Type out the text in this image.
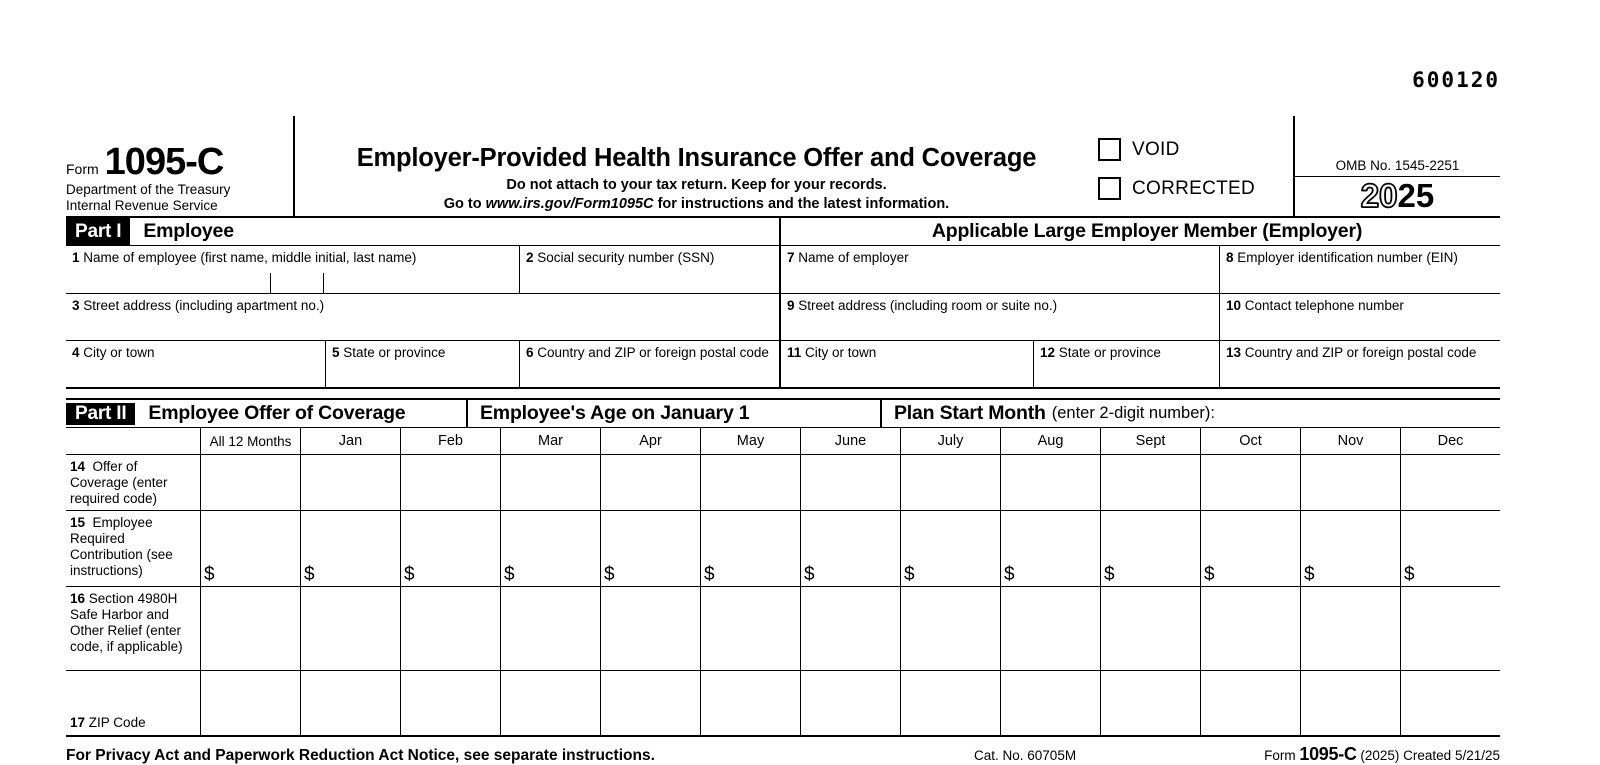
600120
Form 1095-C
Department of the Treasury
Internal Revenue Service
Employer-Provided Health Insurance Offer and Coverage
Do not attach to your tax return. Keep for your records.
Go to www.irs.gov/Form1095C for instructions and the latest information.
VOID
CORRECTED
OMB No. 1545-2251
2025
Part I	Employee	Applicable Large Employer Member (Employer)
1 Name of employee (first name, middle initial, last name)	2 Social security number (SSN)	7 Name of employer	8 Employer identification number (EIN)
3 Street address (including apartment no.)	9 Street address (including room or suite no.)	10 Contact telephone number
4 City or town	5 State or province	6 Country and ZIP or foreign postal code	11 City or town	12 State or province	13 Country and ZIP or foreign postal code
Part II	Employee Offer of Coverage	Employee's Age on January 1	Plan Start Month (enter 2-digit number):
All 12 Months	Jan	Feb	Mar	Apr	May	June	July	Aug	Sept	Oct	Nov	Dec
14 Offer of Coverage (enter required code)
15 Employee Required Contribution (see instructions)	$	$	$	$	$	$	$	$	$	$	$	$	$
16 Section 4980H Safe Harbor and Other Relief (enter code, if applicable)
17 ZIP Code
For Privacy Act and Paperwork Reduction Act Notice, see separate instructions.	Cat. No. 60705M	Form 1095-C (2025) Created 5/21/25
